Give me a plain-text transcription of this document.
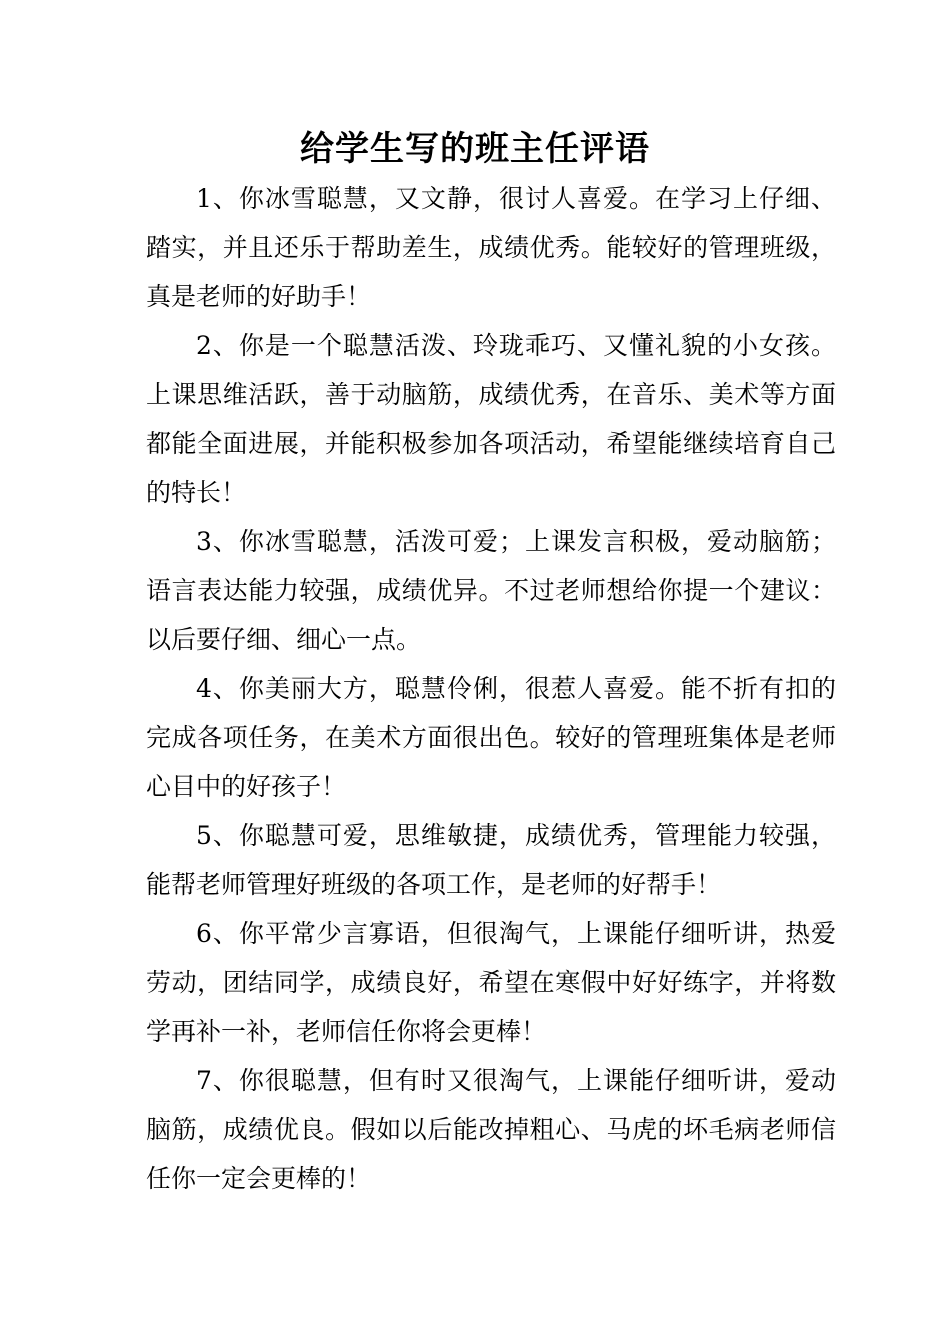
给学生写的班主任评语

1、你冰雪聪慧，又文静，很讨人喜爱。在学习上仔细、踏实，并且还乐于帮助差生，成绩优秀。能较好的管理班级，真是老师的好助手！

2、你是一个聪慧活泼、玲珑乖巧、又懂礼貌的小女孩。上课思维活跃，善于动脑筋，成绩优秀，在音乐、美术等方面都能全面进展，并能积极参加各项活动，希望能继续培育自己的特长！

3、你冰雪聪慧，活泼可爱；上课发言积极，爱动脑筋；语言表达能力较强，成绩优异。不过老师想给你提一个建议：以后要仔细、细心一点。

4、你美丽大方，聪慧伶俐，很惹人喜爱。能不折有扣的完成各项任务，在美术方面很出色。较好的管理班集体是老师心目中的好孩子！

5、你聪慧可爱，思维敏捷，成绩优秀，管理能力较强，能帮老师管理好班级的各项工作，是老师的好帮手！

6、你平常少言寡语，但很淘气，上课能仔细听讲，热爱劳动，团结同学，成绩良好，希望在寒假中好好练字，并将数学再补一补，老师信任你将会更棒！

7、你很聪慧，但有时又很淘气，上课能仔细听讲，爱动脑筋，成绩优良。假如以后能改掉粗心、马虎的坏毛病老师信任你一定会更棒的！
